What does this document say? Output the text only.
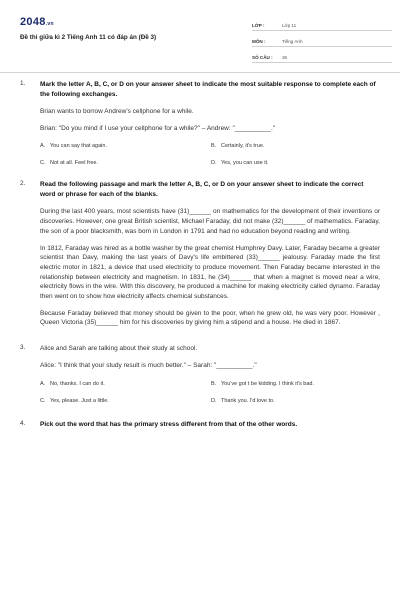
2048.vn
Đề thi giữa kì 2 Tiếng Anh 11 có đáp án (Đề 3)
LỚP :	Lớp 11
MÔN :	Tiếng Anh
SỐ CÂU :	36
1. Mark the letter A, B, C, or D on your answer sheet to indicate the most suitable response to complete each of the following exchanges.
Brian wants to borrow Andrew's cellphone for a while.
Brian: "Do you mind if I use your cellphone for a while?" – Andrew: "__________."
A. You can say that again.	B. Certainly, it's true.
C. Not at all. Feel free.	D. Yes, you can use it.
2. Read the following passage and mark the letter A, B, C, or D on your answer sheet to indicate the correct word or phrase for each of the blanks.
During the last 400 years, most scientists have (31)______ on mathematics for the development of their inventions or discoveries. However, one great British scientist, Michael Faraday, did not make (32)______ of mathematics. Faraday, the son of a poor blacksmith, was born in London in 1791 and had no education beyond reading and writing.
In 1812, Faraday was hired as a bottle washer by the great chemist Humphrey Davy. Later, Faraday became a greater scientist than Davy, making the last years of Davy's life embittered (33)______ jealousy. Faraday made the first electric motor in 1821, a device that used electricity to produce movement. Then Faraday became interested in the relationship between electricity and magnetism. In 1831, he (34)______ that when a magnet is moved near a wire, electricity flows in the wire. With this discovery, he produced a machine for making electricity called dynamo. Faraday then went on to show how electricity affects chemical substances.
Because Faraday believed that money should be given to the poor, when he grew old, he was very poor. However , Queen Victoria (35)______ him for his discoveries by giving him a stipend and a house. He died in 1867.
3. Alice and Sarah are talking about their study at school.
Alice: "I think that your study result is much better." – Sarah: "__________."
A. No, thanks. I can do it.	B. You've got t be kidding. I think it's bad.
C. Yes, please. Just a little.	D. Thank you. I'd love to.
4. Pick out the word that has the primary stress different from that of the other words.
